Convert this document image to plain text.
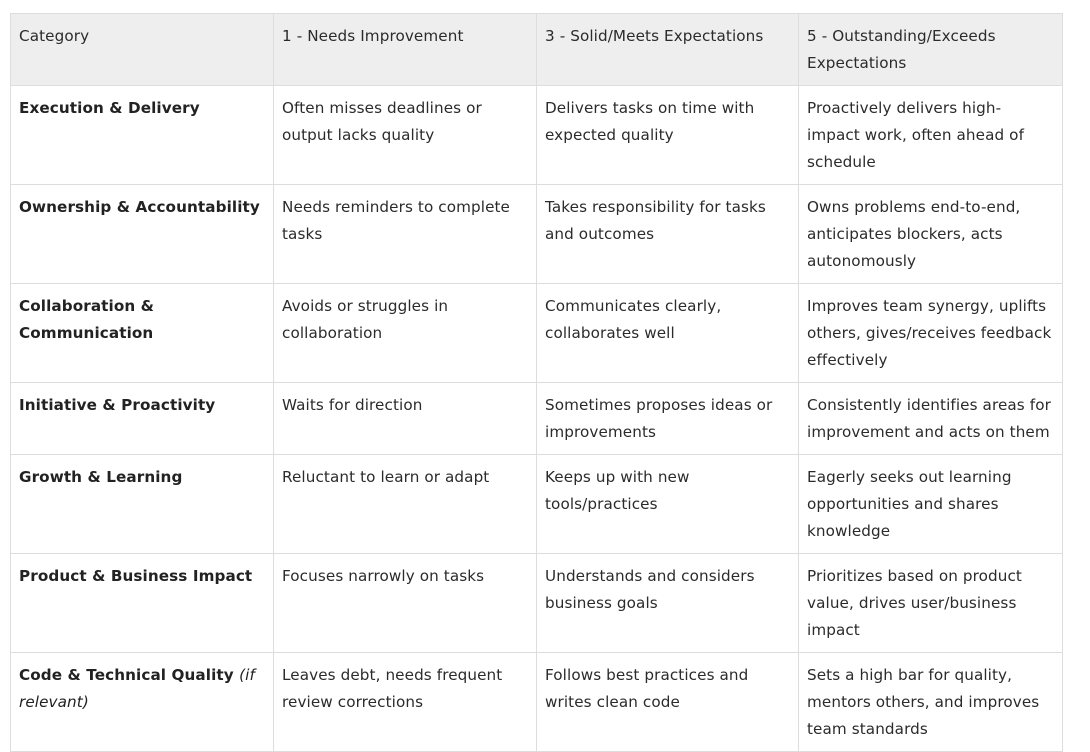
Category	1 - Needs Improvement	3 - Solid/Meets Expectations	5 - Outstanding/Exceeds Expectations
Execution & Delivery	Often misses deadlines or output lacks quality	Delivers tasks on time with expected quality	Proactively delivers high-impact work, often ahead of schedule
Ownership & Accountability	Needs reminders to complete tasks	Takes responsibility for tasks and outcomes	Owns problems end-to-end, anticipates blockers, acts autonomously
Collaboration & Communication	Avoids or struggles in collaboration	Communicates clearly, collaborates well	Improves team synergy, uplifts others, gives/receives feedback effectively
Initiative & Proactivity	Waits for direction	Sometimes proposes ideas or improvements	Consistently identifies areas for improvement and acts on them
Growth & Learning	Reluctant to learn or adapt	Keeps up with new tools/practices	Eagerly seeks out learning opportunities and shares knowledge
Product & Business Impact	Focuses narrowly on tasks	Understands and considers business goals	Prioritizes based on product value, drives user/business impact
Code & Technical Quality (if relevant)	Leaves debt, needs frequent review corrections	Follows best practices and writes clean code	Sets a high bar for quality, mentors others, and improves team standards
